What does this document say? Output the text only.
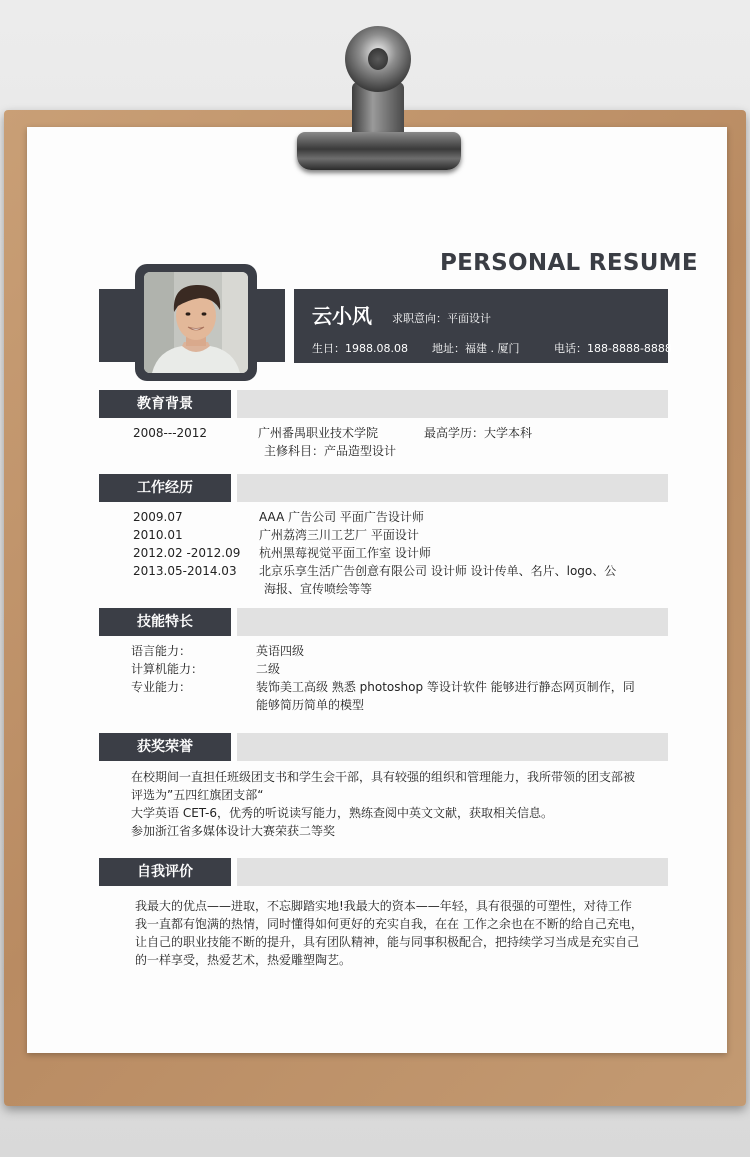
PERSONAL RESUME
云小风 求职意向：平面设计
生日：1988.08.08 地址：福建 . 厦门	电话：188-8888-8888
教育背景
2008---2012	广州番禺职业技术学院	最高学历：大学本科
主修科目：产品造型设计
工作经历
2009.07	AAA 广告公司 平面广告设计师
2010.01	广州荔湾三川工艺厂 平面设计
2012.02 -2012.09 杭州黑莓视觉平面工作室 设计师
2013.05-2014.03 北京乐享生活广告创意有限公司 设计师 设计传单、名片、logo、公
海报、宣传喷绘等等
技能特长
语言能力：	英语四级
计算机能力：	二级
专业能力：	装饰美工高级 熟悉 photoshop 等设计软件 能够进行静态网页制作，同
能够简历简单的模型
获奖荣誉
在校期间一直担任班级团支书和学生会干部，具有较强的组织和管理能力，我所带领的团支部被
评选为”五四红旗团支部“
大学英语 CET-6，优秀的听说读写能力，熟练查阅中英文文献，获取相关信息。
参加浙江省多媒体设计大赛荣获二等奖
自我评价
我最大的优点——进取，不忘脚踏实地!我最大的资本——年轻，具有很强的可塑性，对待工作
我一直都有饱满的热情，同时懂得如何更好的充实自我，在在 工作之余也在不断的给自己充电，
让自己的职业技能不断的提升，具有团队精神，能与同事积极配合，把持续学习当成是充实自己
的一样享受，热爱艺术，热爱雕塑陶艺。
